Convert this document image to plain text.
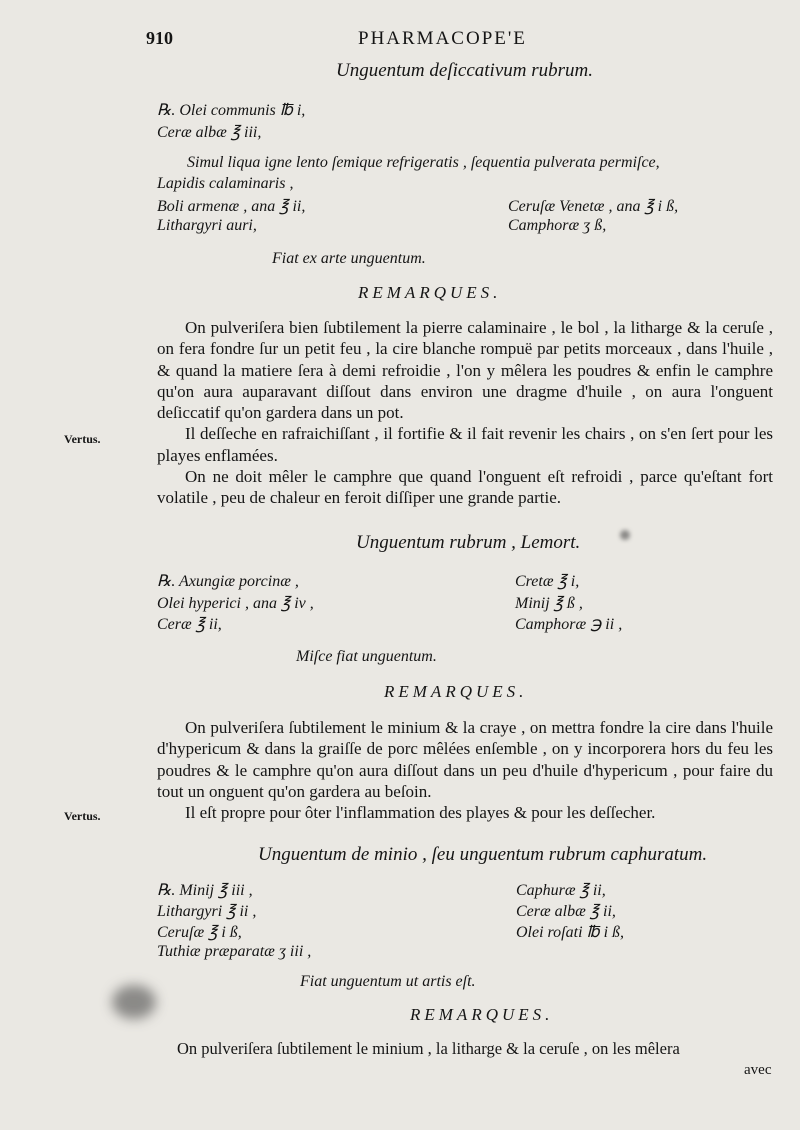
910	PHARMACOPE'E
Unguentum deſiccativum rubrum.
℞. Olei communis ℔ i,
Ceræ albæ ℥ iii,
Simul liqua igne lento ſemique refrigeratis , ſequentia pulverata permiſce,
Lapidis calaminaris ,
Boli armenæ , ana ℥ ii,
Lithargyri auri,
Ceruſæ Venetæ , ana ℥ i ß,
Camphoræ ʒ ß,
Fiat ex arte unguentum.
REMARQUES.

On pulveriſera bien ſubtilement la pierre calaminaire , le bol , la litharge & la ceruſe , on fera fondre ſur un petit feu , la cire blanche rompuë par petits morceaux , dans l'huile , & quand la matiere ſera à demi refroidie , l'on y mêlera les poudres & enfin le camphre qu'on aura auparavant diſſout dans environ une dragme d'huile , on aura l'onguent deſiccatif qu'on gardera dans un pot.

Il deſſeche en rafraichiſſant , il fortifie & il fait revenir les chairs , on s'en ſert pour les playes enflamées.

On ne doit mêler le camphre que quand l'onguent eſt refroidi , parce qu'eſtant fort volatile , peu de chaleur en feroit diſſiper une grande partie.

Vertus.
Unguentum rubrum , Lemort.
℞. Axungiæ porcinæ ,
Olei hyperici , ana ℥ iv ,
Ceræ ℥ ii,
Cretæ ℥ i,
Minij ℥ ß ,
Camphoræ ℈ ii ,
Miſce fiat unguentum.
REMARQUES.

On pulveriſera ſubtilement le minium & la craye , on mettra fondre la cire dans l'huile d'hypericum & dans la graiſſe de porc mêlées enſemble , on y incorporera hors du feu les poudres & le camphre qu'on aura diſſout dans un peu d'huile d'hypericum , pour faire du tout un onguent qu'on gardera au beſoin.

Il eſt propre pour ôter l'inflammation des playes & pour les deſſecher.

Vertus.
Unguentum de minio , ſeu unguentum rubrum caphuratum.
℞. Minij ℥ iii ,
Lithargyri ℥ ii ,
Ceruſæ ℥ i ß,
Tuthiæ præparatæ ʒ iii ,
Caphuræ ℥ ii,
Ceræ albæ ℥ ii,
Olei roſati ℔ i ß,
Fiat unguentum ut artis eſt.
REMARQUES.

On pulveriſera ſubtilement le minium , la litharge & la ceruſe , on les mêlera

avec
